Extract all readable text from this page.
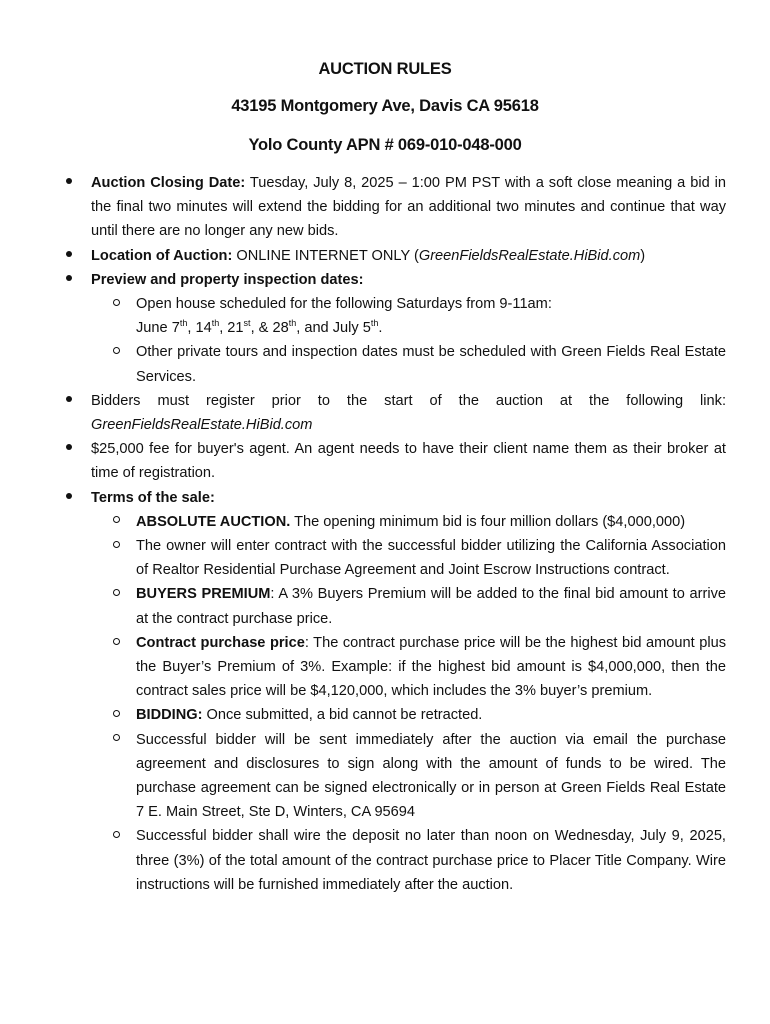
AUCTION RULES
43195 Montgomery Ave, Davis CA 95618
Yolo County APN # 069-010-048-000
Auction Closing Date: Tuesday, July 8, 2025 – 1:00 PM PST with a soft close meaning a bid in the final two minutes will extend the bidding for an additional two minutes and continue that way until there are no longer any new bids.
Location of Auction: ONLINE INTERNET ONLY (GreenFieldsRealEstate.HiBid.com)
Preview and property inspection dates:
Open house scheduled for the following Saturdays from 9-11am:
June 7th, 14th, 21st, & 28th, and July 5th.
Other private tours and inspection dates must be scheduled with Green Fields Real Estate Services.
Bidders must register prior to the start of the auction at the following link:
GreenFieldsRealEstate.HiBid.com
$25,000 fee for buyer's agent. An agent needs to have their client name them as their broker at time of registration.
Terms of the sale:
ABSOLUTE AUCTION. The opening minimum bid is four million dollars ($4,000,000)
The owner will enter contract with the successful bidder utilizing the California Association of Realtor Residential Purchase Agreement and Joint Escrow Instructions contract.
BUYERS PREMIUM: A 3% Buyers Premium will be added to the final bid amount to arrive at the contract purchase price.
Contract purchase price: The contract purchase price will be the highest bid amount plus the Buyer’s Premium of 3%. Example: if the highest bid amount is $4,000,000, then the contract sales price will be $4,120,000, which includes the 3% buyer’s premium.
BIDDING: Once submitted, a bid cannot be retracted.
Successful bidder will be sent immediately after the auction via email the purchase agreement and disclosures to sign along with the amount of funds to be wired. The purchase agreement can be signed electronically or in person at Green Fields Real Estate 7 E. Main Street, Ste D, Winters, CA 95694
Successful bidder shall wire the deposit no later than noon on Wednesday, July 9, 2025, three (3%) of the total amount of the contract purchase price to Placer Title Company. Wire instructions will be furnished immediately after the auction.
